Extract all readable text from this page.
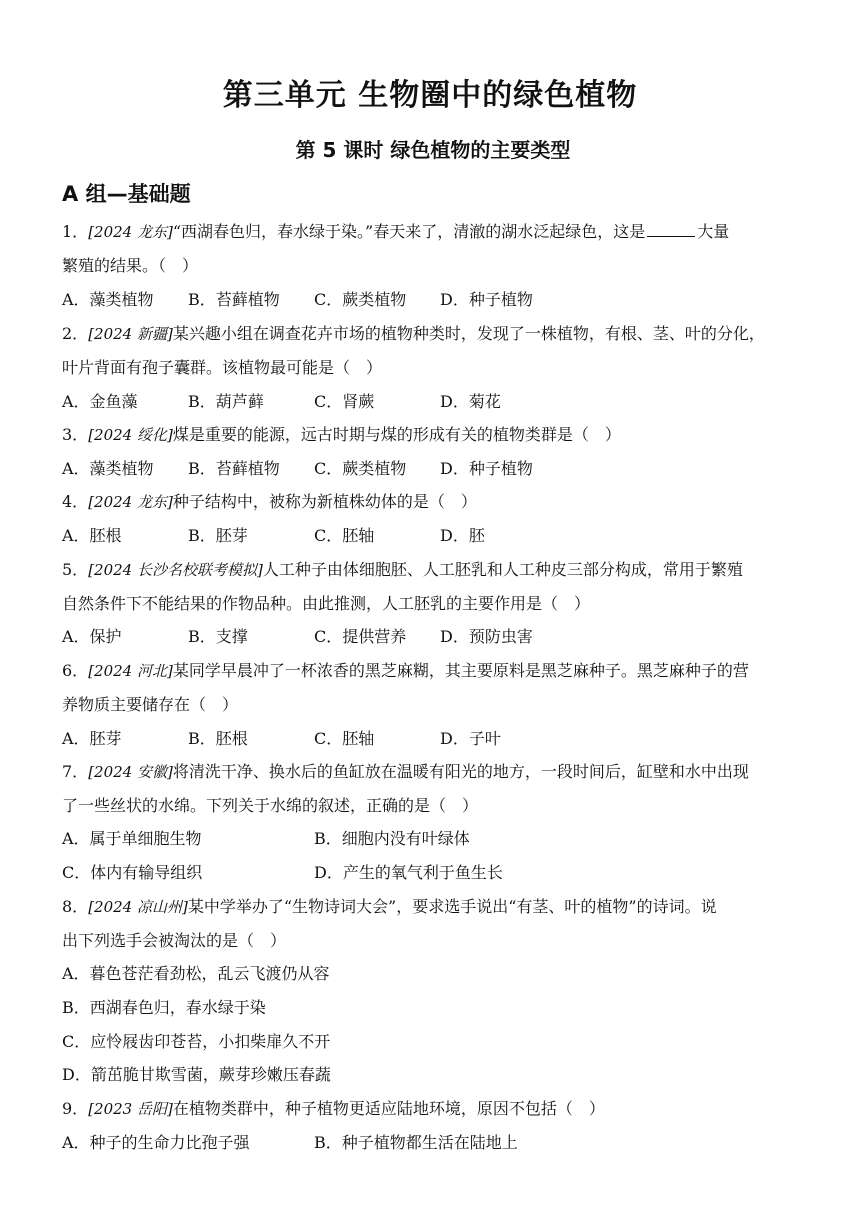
第三单元 生物圈中的绿色植物
第 5 课时 绿色植物的主要类型
A 组—基础题
1．[2024 龙东]“西湖春色归，春水绿于染。”春天来了，清澈的湖水泛起绿色，这是	大量
繁殖的结果。（　）
A．藻类植物 B．苔藓植物 C．蕨类植物 D．种子植物
2．[2024 新疆]某兴趣小组在调查花卉市场的植物种类时，发现了一株植物，有根、茎、叶的分化，
叶片背面有孢子囊群。该植物最可能是（　）
A．金鱼藻	B．葫芦藓	C．肾蕨	D．菊花
3．[2024 绥化]煤是重要的能源，远古时期与煤的形成有关的植物类群是（　）
A．藻类植物 B．苔藓植物 C．蕨类植物 D．种子植物
4．[2024 龙东]种子结构中，被称为新植株幼体的是（　）
A．胚根	B．胚芽	C．胚轴	D．胚
5．[2024 长沙名校联考模拟]人工种子由体细胞胚、人工胚乳和人工种皮三部分构成，常用于繁殖
自然条件下不能结果的作物品种。由此推测，人工胚乳的主要作用是（　）
A．保护	B．支撑	C．提供营养 D．预防虫害
6．[2024 河北]某同学早晨冲了一杯浓香的黑芝麻糊，其主要原料是黑芝麻种子。黑芝麻种子的营
养物质主要储存在（　）
A．胚芽	B．胚根	C．胚轴	D．子叶
7．[2024 安徽]将清洗干净、换水后的鱼缸放在温暖有阳光的地方，一段时间后，缸壁和水中出现
了一些丝状的水绵。下列关于水绵的叙述，正确的是（　）
A．属于单细胞生物	B．细胞内没有叶绿体
C．体内有输导组织	D．产生的氧气利于鱼生长
8．[2024 凉山州]某中学举办了“生物诗词大会”，要求选手说出“有茎、叶的植物”的诗词。说
出下列选手会被淘汰的是（　）
A．暮色苍茫看劲松，乱云飞渡仍从容
B．西湖春色归，春水绿于染
C．应怜屐齿印苍苔，小扣柴扉久不开
D．箭茁脆甘欺雪菌，蕨芽珍嫩压春蔬
9．[2023 岳阳]在植物类群中，种子植物更适应陆地环境，原因不包括（　）
A．种子的生命力比孢子强	B．种子植物都生活在陆地上
